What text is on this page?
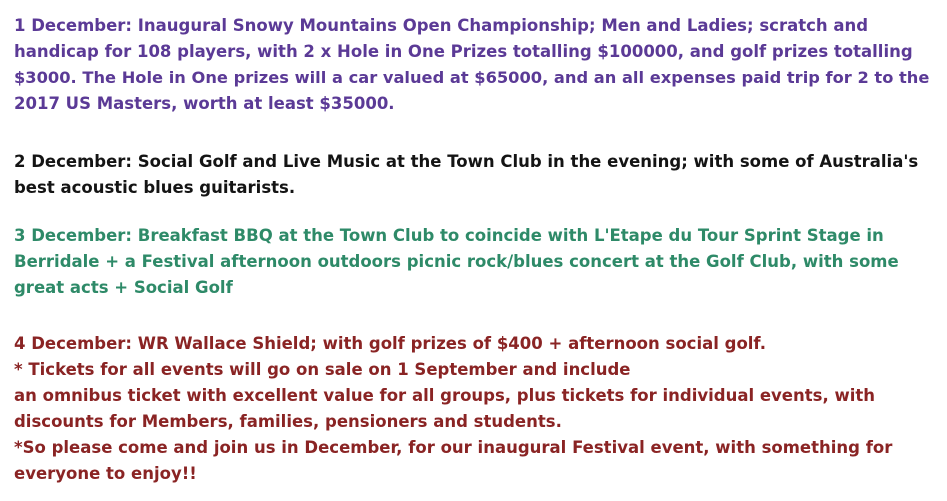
1 December: Inaugural Snowy Mountains Open Championship; Men and Ladies; scratch and
handicap for 108 players, with 2 x Hole in One Prizes totalling $100000, and golf prizes totalling
$3000. The Hole in One prizes will a car valued at $65000, and an all expenses paid trip for 2 to the
2017 US Masters, worth at least $35000.
2 December: Social Golf and Live Music at the Town Club in the evening; with some of Australia's
best acoustic blues guitarists.
3 December: Breakfast BBQ at the Town Club to coincide with L'Etape du Tour Sprint Stage in
Berridale + a Festival afternoon outdoors picnic rock/blues concert at the Golf Club, with some
great acts + Social Golf
4 December: WR Wallace Shield; with golf prizes of $400 + afternoon social golf.
* Tickets for all events will go on sale on 1 September and include
an omnibus ticket with excellent value for all groups, plus tickets for individual events, with
discounts for Members, families, pensioners and students.
*So please come and join us in December, for our inaugural Festival event, with something for
everyone to enjoy!!
